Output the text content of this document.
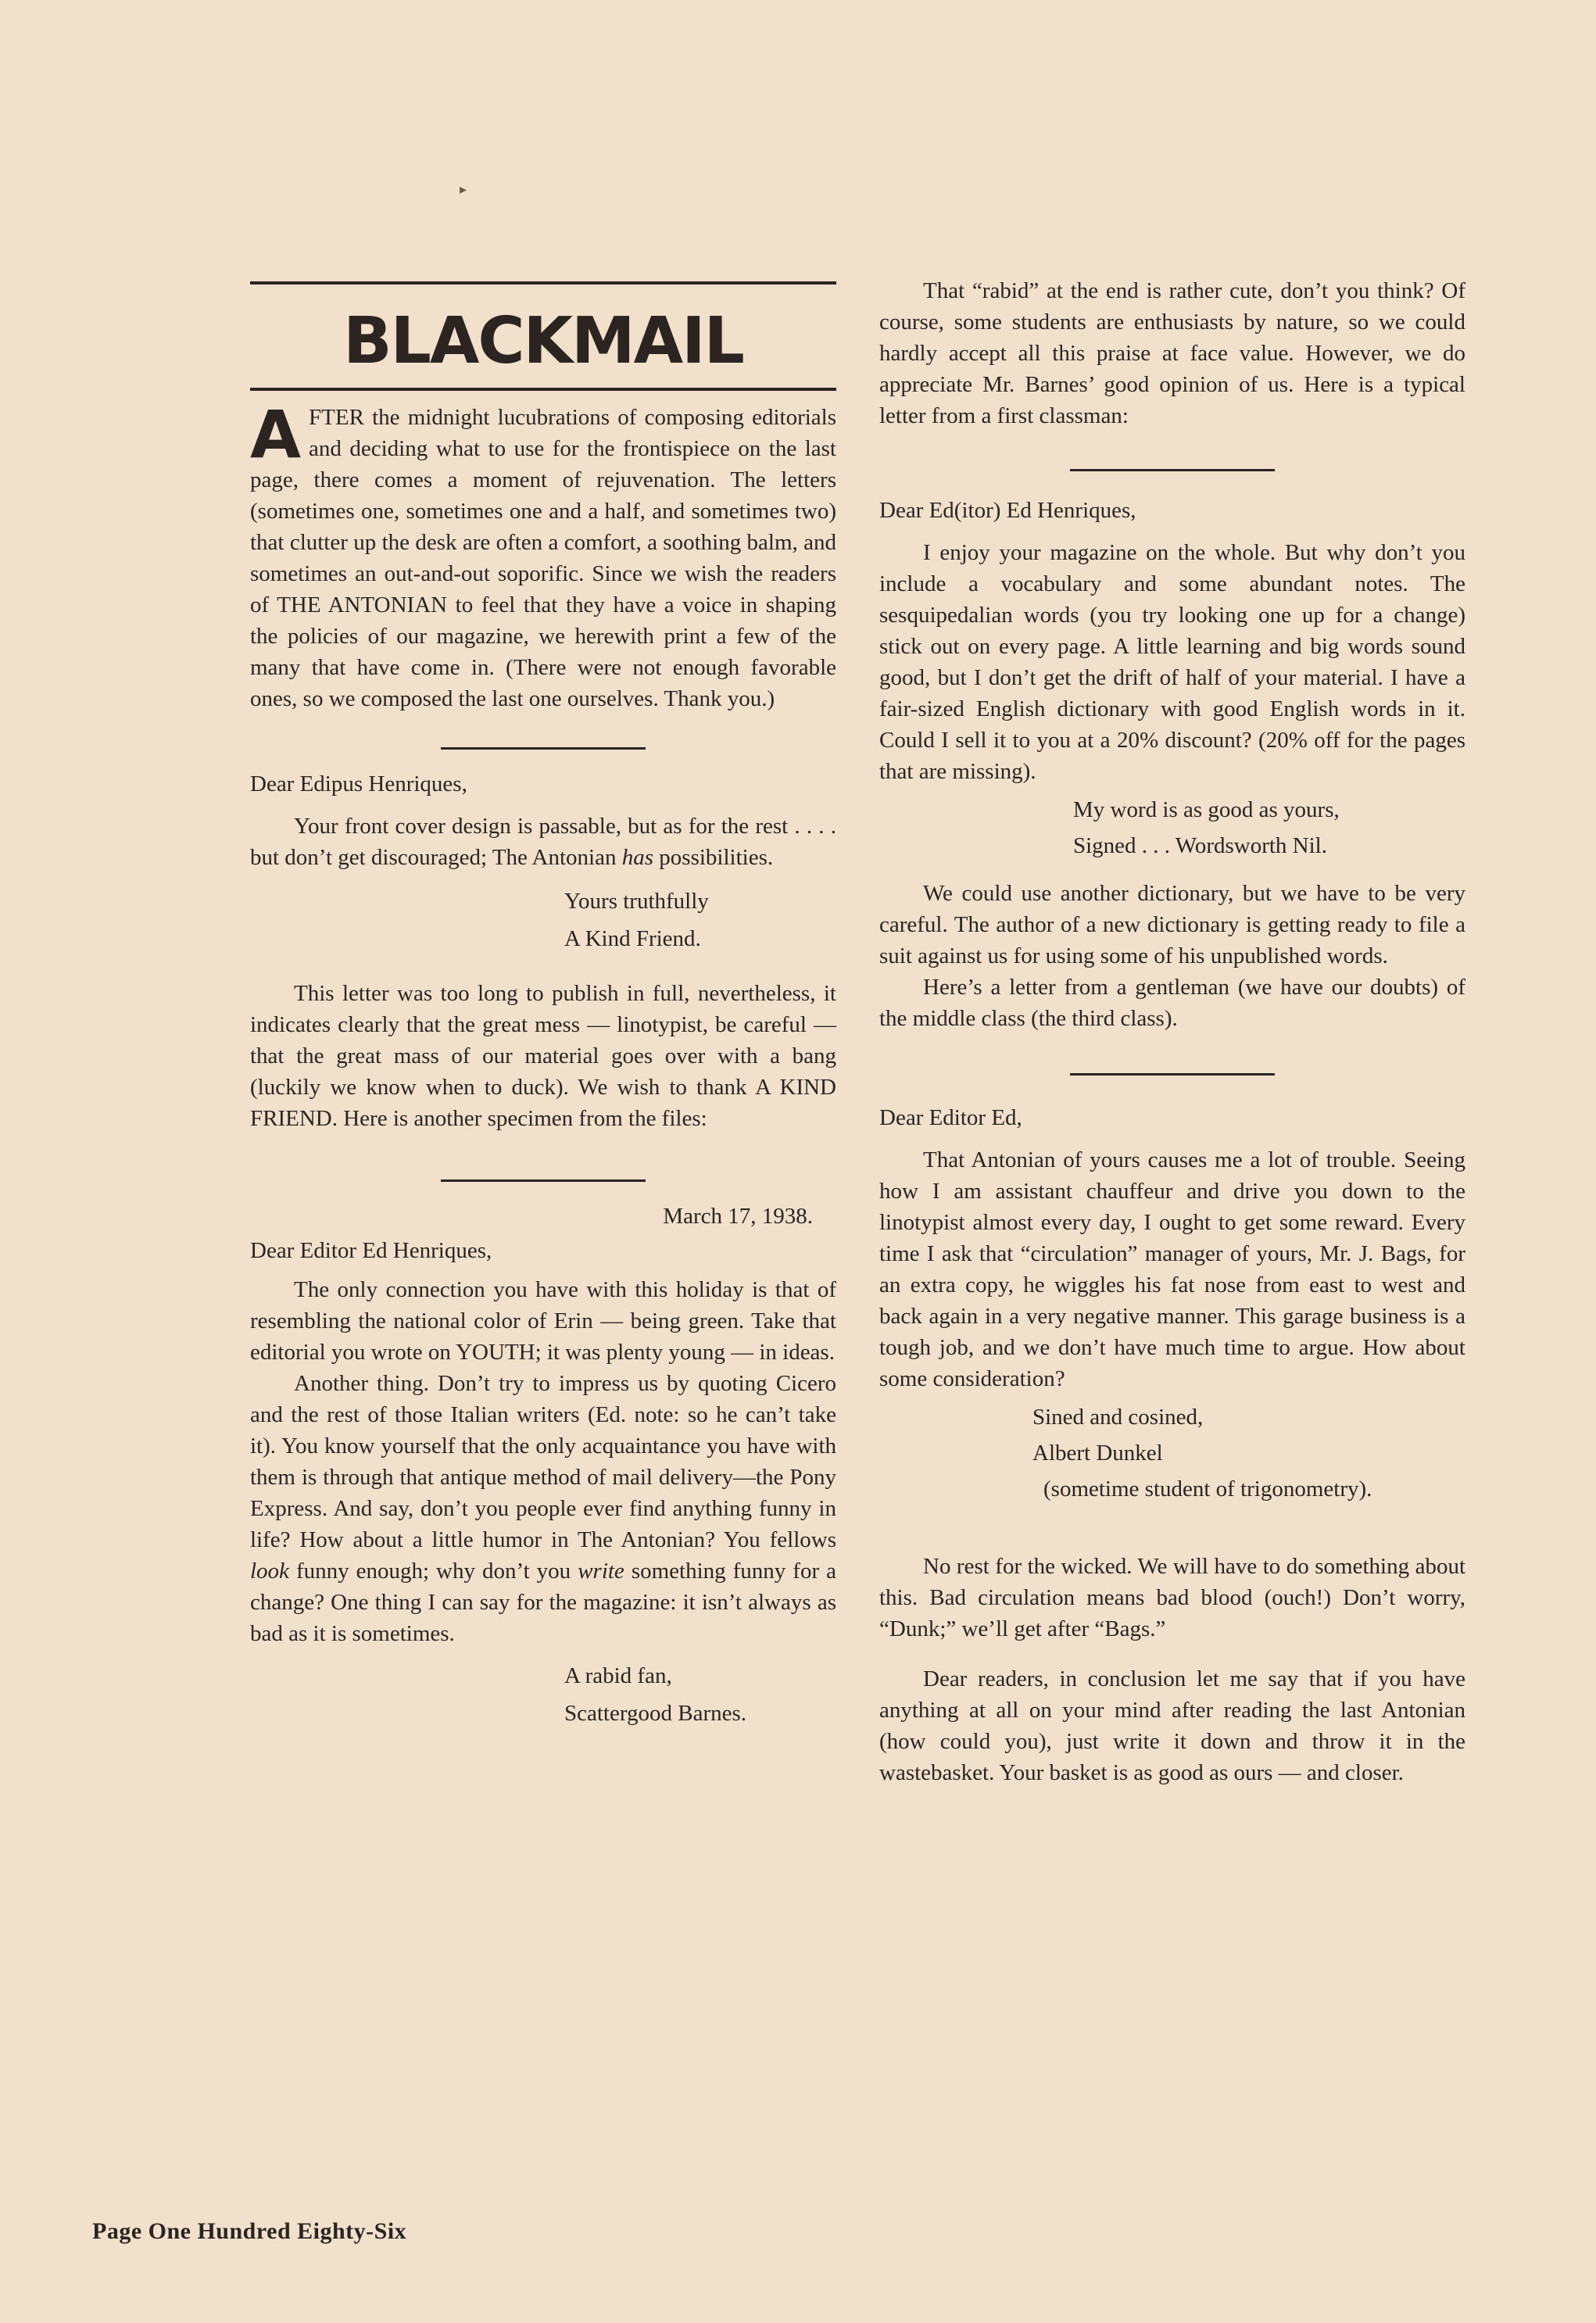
▸
BLACKMAIL

AFTER the midnight lucubrations of composing editorials and deciding what to use for the frontispiece on the last page, there comes a moment of rejuvenation. The letters (sometimes one, sometimes one and a half, and sometimes two) that clutter up the desk are often a comfort, a soothing balm, and sometimes an out-and-out soporific. Since we wish the readers of THE ANTONIAN to feel that they have a voice in shaping the policies of our magazine, we herewith print a few of the many that have come in. (There were not enough favorable ones, so we composed the last one ourselves. Thank you.)

Dear Edipus Henriques,

Your front cover design is passable, but as for the rest . . . . but don’t get discouraged; The Antonian has possibilities.

Yours truthfully
A Kind Friend.

This letter was too long to publish in full, nevertheless, it indicates clearly that the great mess — linotypist, be careful — that the great mass of our material goes over with a bang (luckily we know when to duck). We wish to thank A KIND FRIEND. Here is another specimen from the files:

March 17, 1938.
Dear Editor Ed Henriques,

The only connection you have with this holiday is that of resembling the national color of Erin — being green. Take that editorial you wrote on YOUTH; it was plenty young — in ideas.

Another thing. Don’t try to impress us by quoting Cicero and the rest of those Italian writers (Ed. note: so he can’t take it). You know yourself that the only acquaintance you have with them is through that antique method of mail delivery—the Pony Express. And say, don’t you people ever find anything funny in life? How about a little humor in The Antonian? You fellows look funny enough; why don’t you write something funny for a change? One thing I can say for the magazine: it isn’t always as bad as it is sometimes.

A rabid fan,
Scattergood Barnes.

That “rabid” at the end is rather cute, don’t you think? Of course, some students are enthusiasts by nature, so we could hardly accept all this praise at face value. However, we do appreciate Mr. Barnes’ good opinion of us. Here is a typical letter from a first classman:

Dear Ed(itor) Ed Henriques,

I enjoy your magazine on the whole. But why don’t you include a vocabulary and some abundant notes. The sesquipedalian words (you try looking one up for a change) stick out on every page. A little learning and big words sound good, but I don’t get the drift of half of your material. I have a fair-sized English dictionary with good English words in it. Could I sell it to you at a 20% discount? (20% off for the pages that are missing).

My word is as good as yours,
Signed . . . Wordsworth Nil.

We could use another dictionary, but we have to be very careful. The author of a new dictionary is getting ready to file a suit against us for using some of his unpublished words.

Here’s a letter from a gentleman (we have our doubts) of the middle class (the third class).

Dear Editor Ed,

That Antonian of yours causes me a lot of trouble. Seeing how I am assistant chauffeur and drive you down to the linotypist almost every day, I ought to get some reward. Every time I ask that “circulation” manager of yours, Mr. J. Bags, for an extra copy, he wiggles his fat nose from east to west and back again in a very negative manner. This garage business is a tough job, and we don’t have much time to argue. How about some consideration?

Sined and cosined,
Albert Dunkel
(sometime student of trigonometry).

No rest for the wicked. We will have to do something about this. Bad circulation means bad blood (ouch!) Don’t worry, “Dunk;” we’ll get after “Bags.”

Dear readers, in conclusion let me say that if you have anything at all on your mind after reading the last Antonian (how could you), just write it down and throw it in the wastebasket. Your basket is as good as ours — and closer.

Page One Hundred Eighty-Six
